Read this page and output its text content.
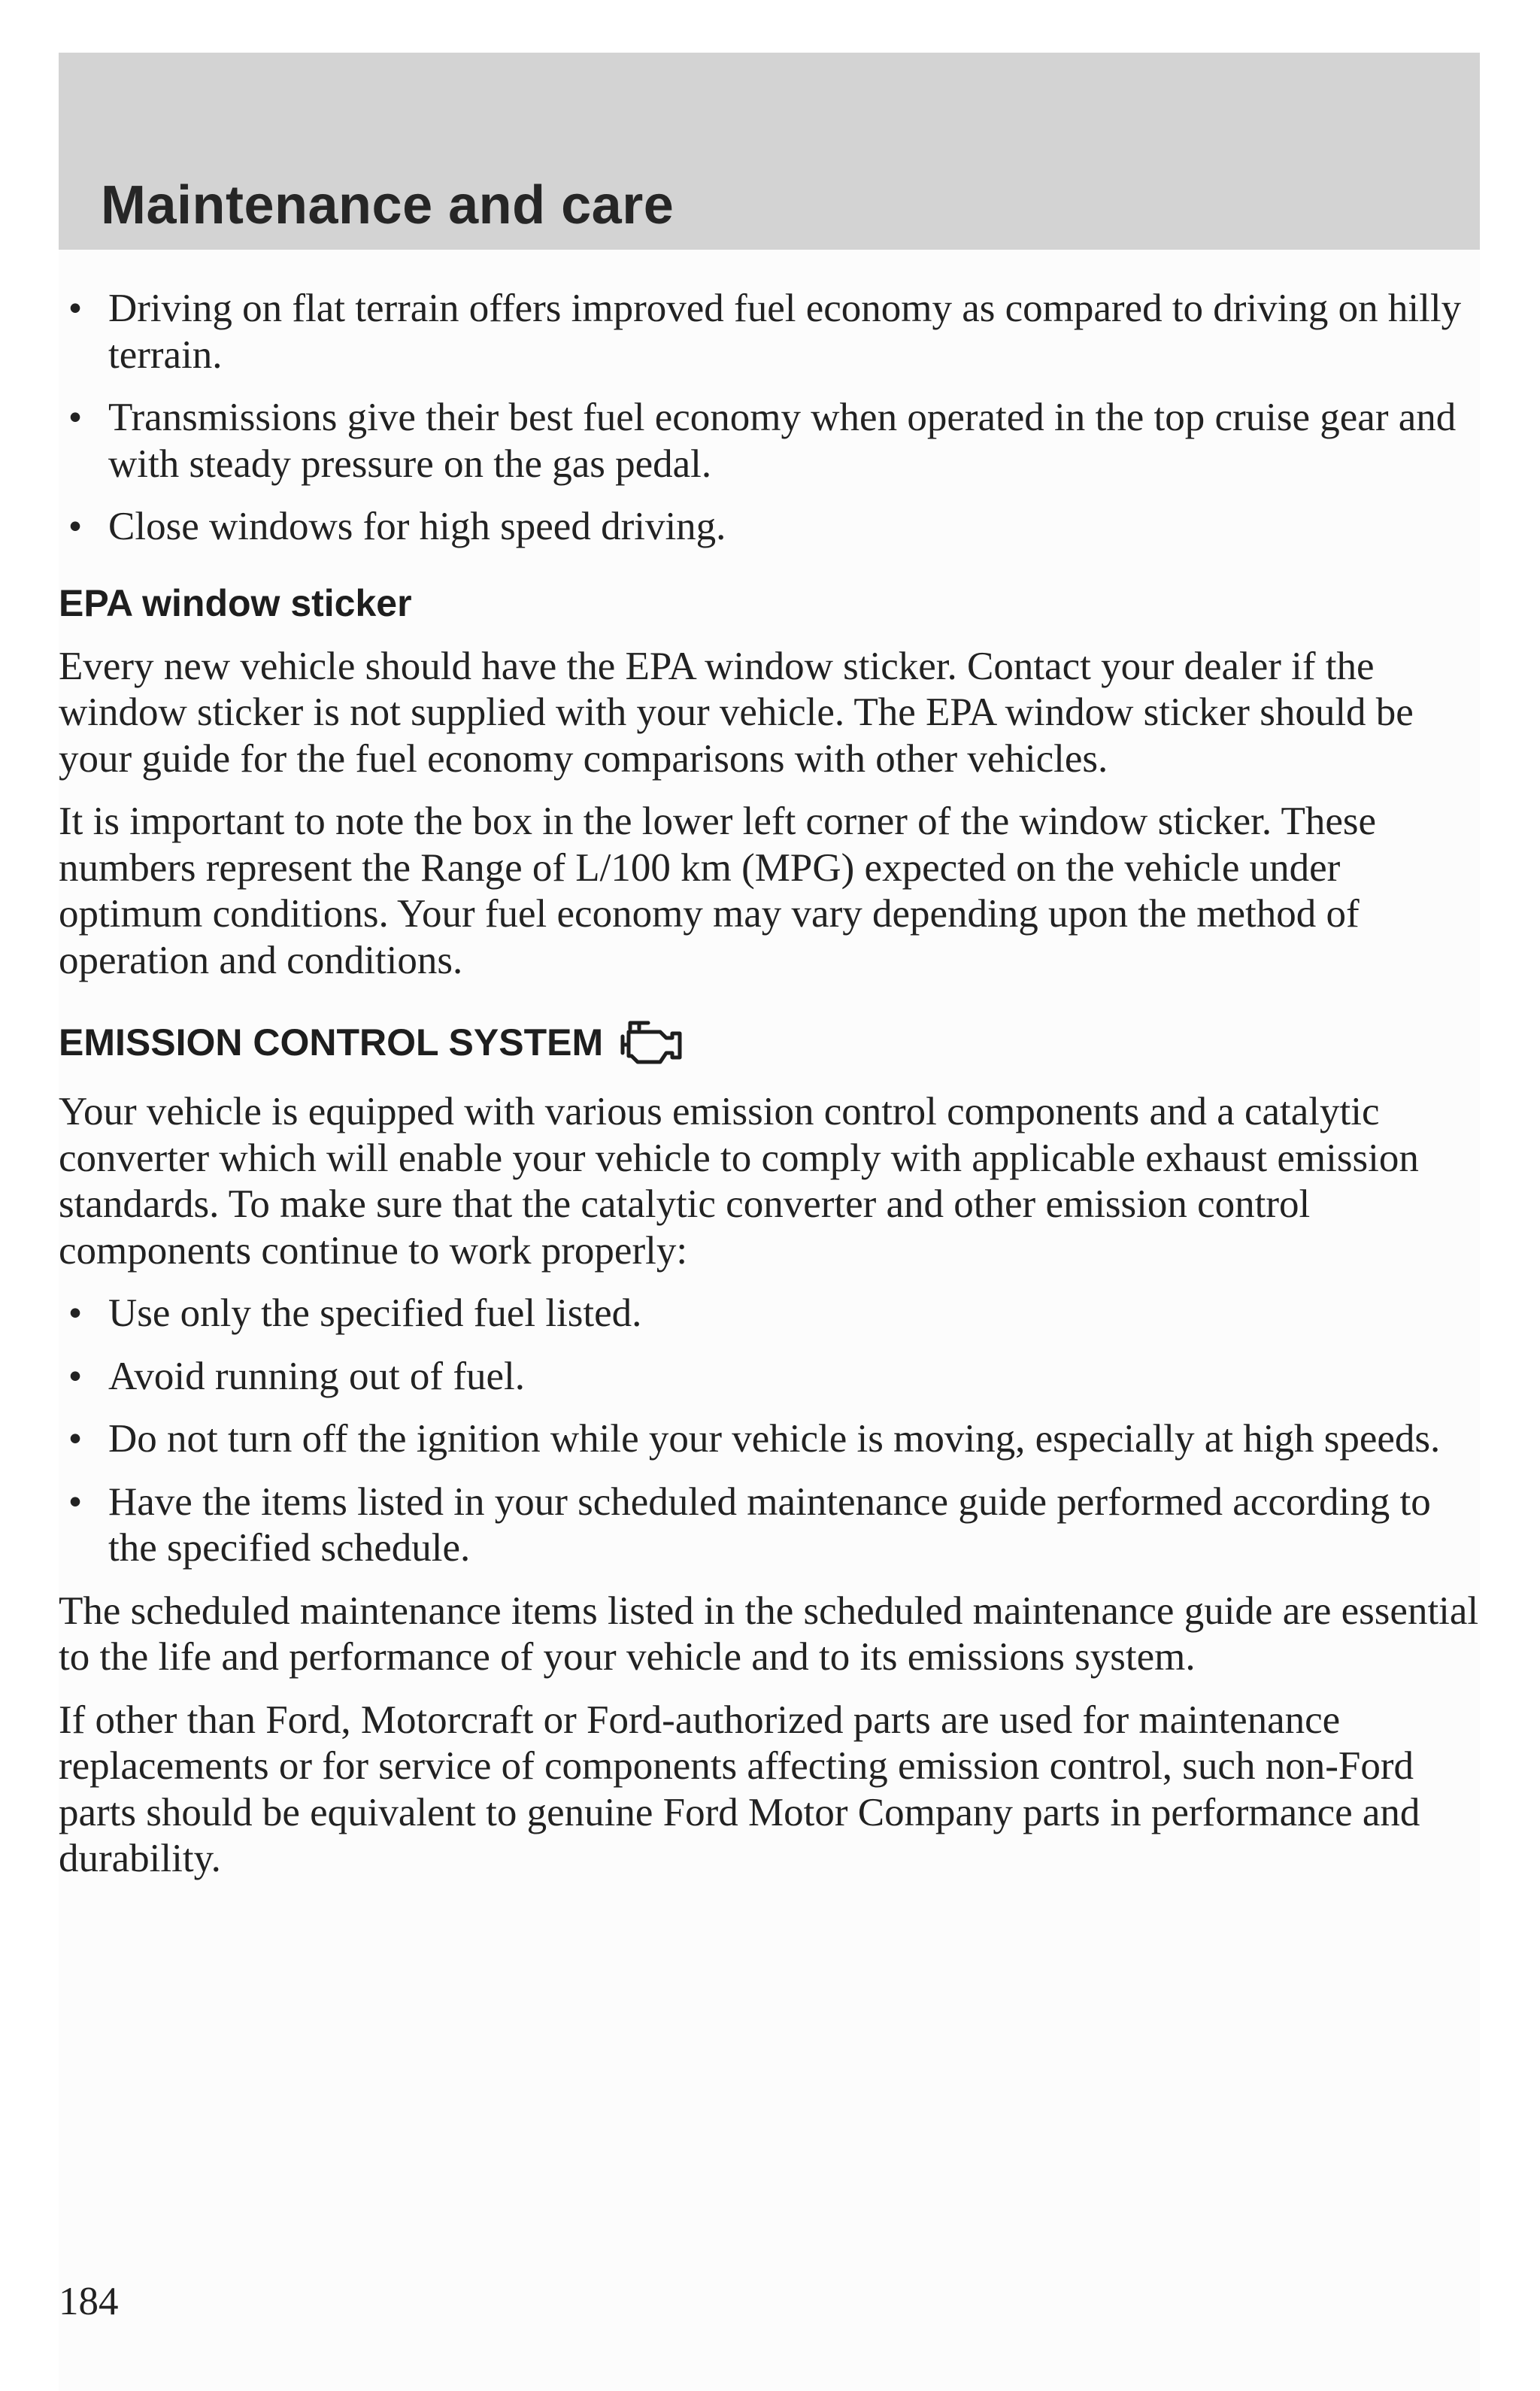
Maintenance and care
• Driving on flat terrain offers improved fuel economy as compared to driving on hilly terrain.
• Transmissions give their best fuel economy when operated in the top cruise gear and with steady pressure on the gas pedal.
• Close windows for high speed driving.
EPA window sticker

Every new vehicle should have the EPA window sticker. Contact your dealer if the window sticker is not supplied with your vehicle. The EPA window sticker should be your guide for the fuel economy comparisons with other vehicles.

It is important to note the box in the lower left corner of the window sticker. These numbers represent the Range of L/100 km (MPG) expected on the vehicle under optimum conditions. Your fuel economy may vary depending upon the method of operation and conditions.

EMISSION CONTROL SYSTEM

Your vehicle is equipped with various emission control components and a catalytic converter which will enable your vehicle to comply with applicable exhaust emission standards. To make sure that the catalytic converter and other emission control components continue to work properly:

• Use only the specified fuel listed.
• Avoid running out of fuel.
• Do not turn off the ignition while your vehicle is moving, especially at high speeds.
• Have the items listed in your scheduled maintenance guide performed according to the specified schedule.

The scheduled maintenance items listed in the scheduled maintenance guide are essential to the life and performance of your vehicle and to its emissions system.

If other than Ford, Motorcraft or Ford-authorized parts are used for maintenance replacements or for service of components affecting emission control, such non-Ford parts should be equivalent to genuine Ford Motor Company parts in performance and durability.

184
